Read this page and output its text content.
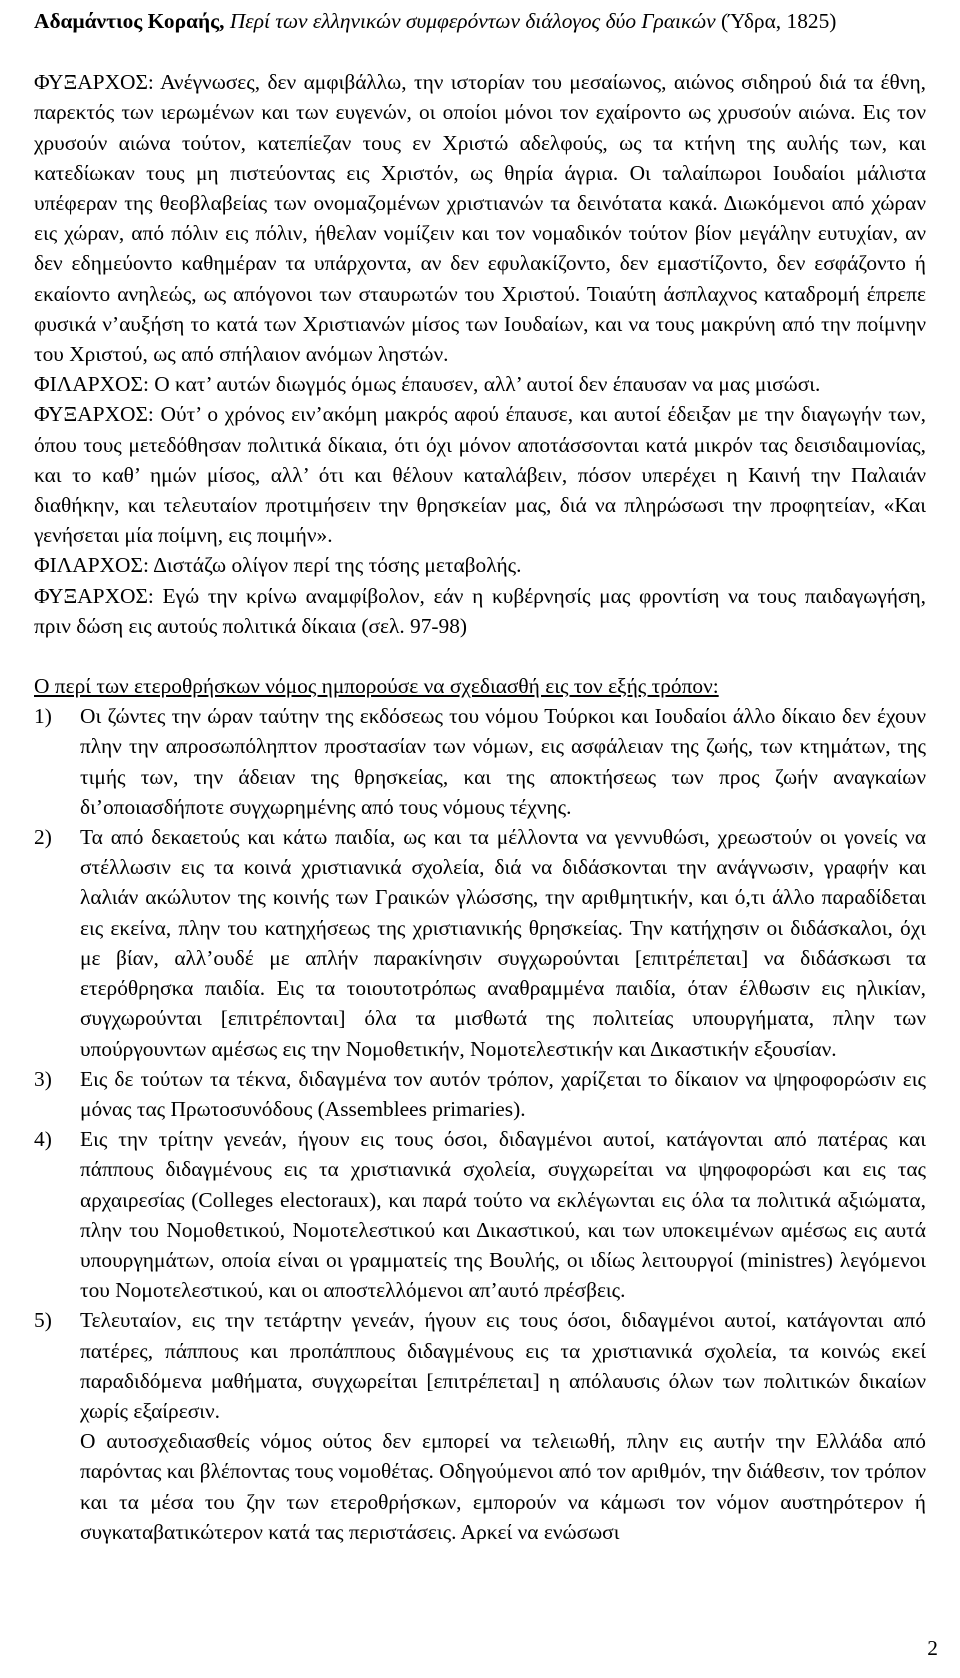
Αδαμάντιος Κοραής, Περί των ελληνικών συμφερόντων διάλογος δύο Γραικών (Ύδρα, 1825)

ΦΥΞΑΡΧΟΣ: Ανέγνωσες, δεν αμφιβάλλω, την ιστορίαν του μεσαίωνος, αιώνος σιδηρού διά τα έθνη, παρεκτός των ιερωμένων και των ευγενών, οι οποίοι μόνοι τον εχαίροντο ως χρυσούν αιώνα. Εις τον χρυσούν αιώνα τούτον, κατεπίεζαν τους εν Χριστώ αδελφούς, ως τα κτήνη της αυλής των, και κατεδίωκαν τους μη πιστεύοντας εις Χριστόν, ως θηρία άγρια. Οι ταλαίπωροι Ιουδαίοι μάλιστα υπέφεραν της θεοβλαβείας των ονομαζομένων χριστιανών τα δεινότατα κακά. Διωκόμενοι από χώραν εις χώραν, από πόλιν εις πόλιν, ήθελαν νομίζειν και τον νομαδικόν τούτον βίον μεγάλην ευτυχίαν, αν δεν εδημεύοντο καθημέραν τα υπάρχοντα, αν δεν εφυλακίζοντο, δεν εμαστίζοντο, δεν εσφάζοντο ή εκαίοντο ανηλεώς, ως απόγονοι των σταυρωτών του Χριστού. Τοιαύτη άσπλαχνος καταδρομή έπρεπε φυσικά ν’αυξήση το κατά των Χριστιανών μίσος των Ιουδαίων, και να τους μακρύνη από την ποίμνην του Χριστού, ως από σπήλαιον ανόμων ληστών.

ΦΙΛΑΡΧΟΣ: Ο κατ’ αυτών διωγμός όμως έπαυσεν, αλλ’ αυτοί δεν έπαυσαν να μας μισώσι.

ΦΥΞΑΡΧΟΣ: Ούτ’ ο χρόνος ειν’ακόμη μακρός αφού έπαυσε, και αυτοί έδειξαν με την διαγωγήν των, όπου τους μετεδόθησαν πολιτικά δίκαια, ότι όχι μόνον αποτάσσονται κατά μικρόν τας δεισιδαιμονίας, και το καθ’ ημών μίσος, αλλ’ ότι και θέλουν καταλάβειν, πόσον υπερέχει η Καινή την Παλαιάν διαθήκην, και τελευταίον προτιμήσειν την θρησκείαν μας, διά να πληρώσωσι την προφητείαν, «Και γενήσεται μία ποίμνη, εις ποιμήν».

ΦΙΛΑΡΧΟΣ: Διστάζω ολίγον περί της τόσης μεταβολής.

ΦΥΞΑΡΧΟΣ: Εγώ την κρίνω αναμφίβολον, εάν η κυβέρνησίς μας φροντίση να τους παιδαγωγήση, πριν δώση εις αυτούς πολιτικά δίκαια (σελ. 97-98)

Ο περί των ετεροθρήσκων νόμος ημπορούσε να σχεδιασθή εις τον εξής τρόπον:

1)	Οι ζώντες την ώραν ταύτην της εκδόσεως του νόμου Τούρκοι και Ιουδαίοι άλλο δίκαιο δεν έχουν πλην την απροσωπόληπτον προστασίαν των νόμων, εις ασφάλειαν της ζωής, των κτημάτων, της τιμής των, την άδειαν της θρησκείας, και της αποκτήσεως των προς ζωήν αναγκαίων δι’οποιασδήποτε συγχωρημένης από τους νόμους τέχνης.
2)	Τα από δεκαετούς και κάτω παιδία, ως και τα μέλλοντα να γεννυθώσι, χρεωστούν οι γονείς να στέλλωσιν εις τα κοινά χριστιανικά σχολεία, διά να διδάσκονται την ανάγνωσιν, γραφήν και λαλιάν ακώλυτον της κοινής των Γραικών γλώσσης, την αριθμητικήν, και ό,τι άλλο παραδίδεται εις εκείνα, πλην του κατηχήσεως της χριστιανικής θρησκείας. Την κατήχησιν οι διδάσκαλοι, όχι με βίαν, αλλ’ουδέ με απλήν παρακίνησιν συγχωρούνται [επιτρέπεται] να διδάσκωσι τα ετερόθρησκα παιδία. Εις τα τοιουτοτρόπως αναθραμμένα παιδία, όταν έλθωσιν εις ηλικίαν, συγχωρούνται [επιτρέπονται] όλα τα μισθωτά της πολιτείας υπουργήματα, πλην των υπούργουντων αμέσως εις την Νομοθετικήν, Νομοτελεστικήν και Δικαστικήν εξουσίαν.
3)	Εις δε τούτων τα τέκνα, διδαγμένα τον αυτόν τρόπον, χαρίζεται το δίκαιον να ψηφοφορώσιν εις μόνας τας Πρωτοσυνόδους (Assemblees primaries).
4)	Εις την τρίτην γενεάν, ήγουν εις τους όσοι, διδαγμένοι αυτοί, κατάγονται από πατέρας και πάππους διδαγμένους εις τα χριστιανικά σχολεία, συγχωρείται να ψηφοφορώσι και εις τας αρχαιρεσίας (Colleges electoraux), και παρά τούτο να εκλέγωνται εις όλα τα πολιτικά αξιώματα, πλην του Νομοθετικού, Νομοτελεστικού και Δικαστικού, και των υποκειμένων αμέσως εις αυτά υπουργημάτων, οποία είναι οι γραμματείς της Βουλής, οι ιδίως λειτουργοί (ministres) λεγόμενοι του Νομοτελεστικού, και οι αποστελλόμενοι απ’αυτό πρέσβεις.
5)	Τελευταίον, εις την τετάρτην γενεάν, ήγουν εις τους όσοι, διδαγμένοι αυτοί, κατάγονται από πατέρες, πάππους και προπάππους διδαγμένους εις τα χριστιανικά σχολεία, τα κοινώς εκεί παραδιδόμενα μαθήματα, συγχωρείται [επιτρέπεται] η απόλαυσις όλων των πολιτικών δικαίων χωρίς εξαίρεσιν.

Ο αυτοσχεδιασθείς νόμος ούτος δεν εμπορεί να τελειωθή, πλην εις αυτήν την Ελλάδα από παρόντας και βλέποντας τους νομοθέτας. Οδηγούμενοι από τον αριθμόν, την διάθεσιν, τον τρόπον και τα μέσα του ζην των ετεροθρήσκων, εμπορούν να κάμωσι τον νόμον αυστηρότερον ή συγκαταβατικώτερον κατά τας περιστάσεις. Αρκεί να ενώσωσι

2
